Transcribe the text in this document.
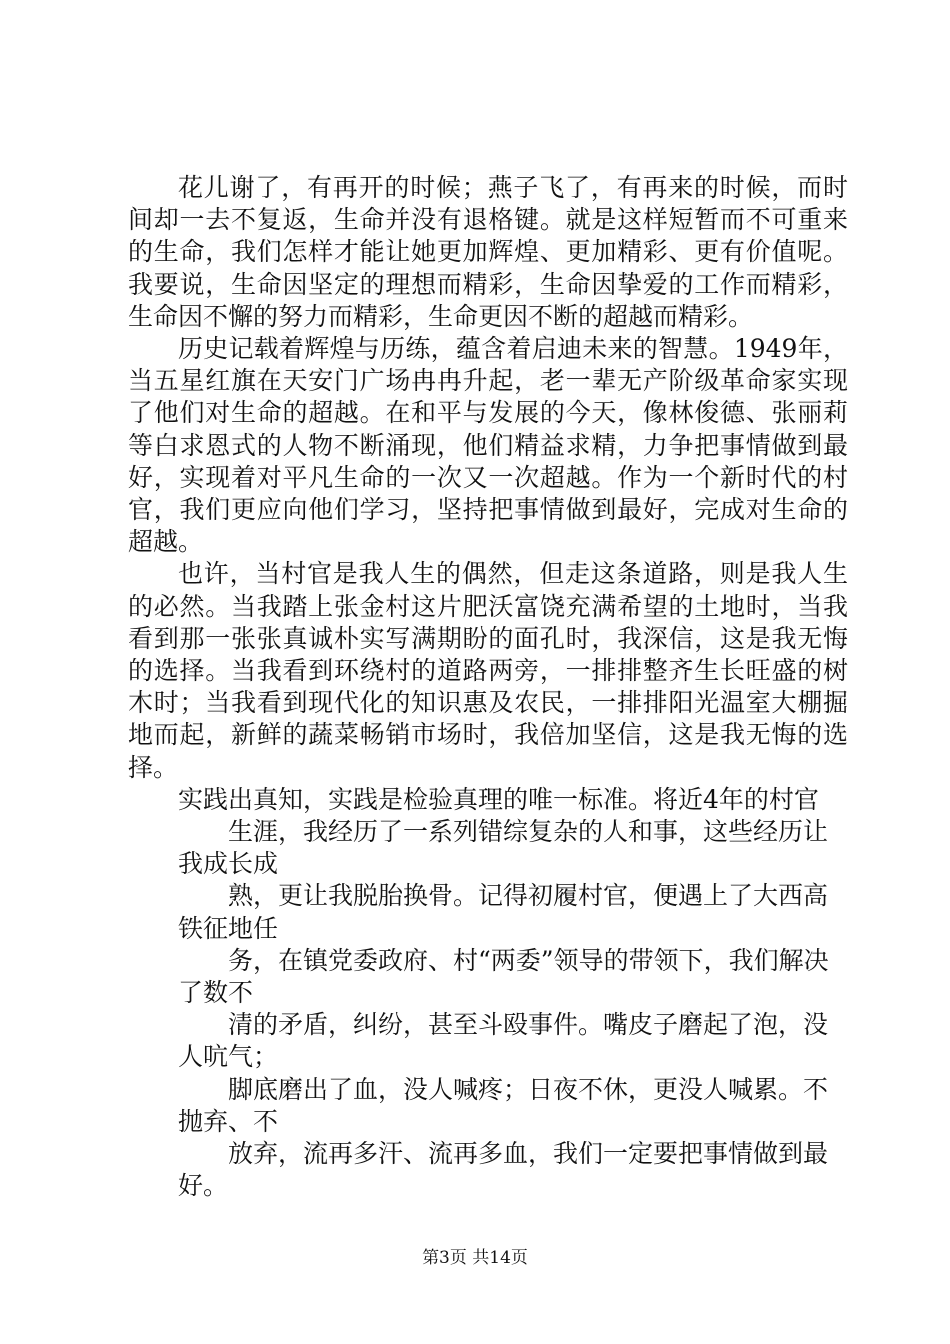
花儿谢了，有再开的时候；燕子飞了，有再来的时候，而时间却一去不复返，生命并没有退格键。就是这样短暂而不可重来的生命，我们怎样才能让她更加辉煌、更加精彩、更有价值呢。我要说，生命因坚定的理想而精彩，生命因挚爱的工作而精彩，生命因不懈的努力而精彩，生命更因不断的超越而精彩。

历史记载着辉煌与历练，蕴含着启迪未来的智慧。1949年，当五星红旗在天安门广场冉冉升起，老一辈无产阶级革命家实现了他们对生命的超越。在和平与发展的今天，像林俊德、张丽莉等白求恩式的人物不断涌现，他们精益求精，力争把事情做到最好，实现着对平凡生命的一次又一次超越。作为一个新时代的村官，我们更应向他们学习，坚持把事情做到最好，完成对生命的超越。

也许，当村官是我人生的偶然，但走这条道路，则是我人生的必然。当我踏上张金村这片肥沃富饶充满希望的土地时，当我看到那一张张真诚朴实写满期盼的面孔时，我深信，这是我无悔的选择。当我看到环绕村的道路两旁，一排排整齐生长旺盛的树木时；当我看到现代化的知识惠及农民，一排排阳光温室大棚掘地而起，新鲜的蔬菜畅销市场时，我倍加坚信，这是我无悔的选择。

实践出真知，实践是检验真理的唯一标准。将近4年的村官

生涯，我经历了一系列错综复杂的人和事，这些经历让我成长成

熟，更让我脱胎换骨。记得初履村官，便遇上了大西高铁征地任

务，在镇党委政府、村“两委”领导的带领下，我们解决了数不

清的矛盾，纠纷，甚至斗殴事件。嘴皮子磨起了泡，没人吭气；

脚底磨出了血，没人喊疼；日夜不休，更没人喊累。不抛弃、不

放弃，流再多汗、流再多血，我们一定要把事情做到最好。

第3页 共14页
